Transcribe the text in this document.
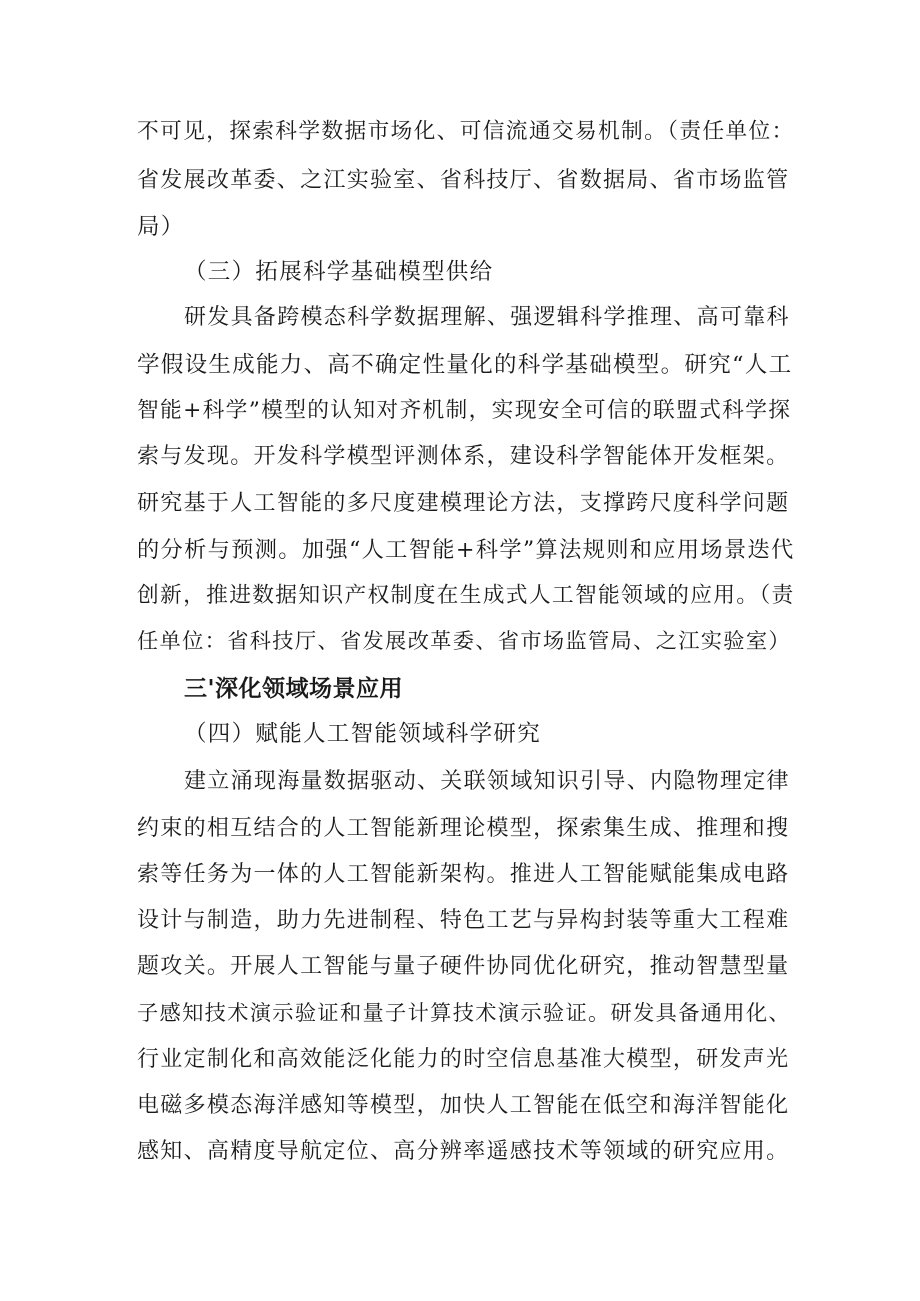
不可见，探索科学数据市场化、可信流通交易机制。（责任单位：

省发展改革委、之江实验室、省科技厅、省数据局、省市场监管

局）

（三）拓展科学基础模型供给

研发具备跨模态科学数据理解、强逻辑科学推理、高可靠科

学假设生成能力、高不确定性量化的科学基础模型。研究“人工

智能+科学”模型的认知对齐机制，实现安全可信的联盟式科学探

索与发现。开发科学模型评测体系，建设科学智能体开发框架。

研究基于人工智能的多尺度建模理论方法，支撑跨尺度科学问题

的分析与预测。加强“人工智能+科学”算法规则和应用场景迭代

创新，推进数据知识产权制度在生成式人工智能领域的应用。（责

任单位：省科技厅、省发展改革委、省市场监管局、之江实验室）

三'深化领域场景应用

（四）赋能人工智能领域科学研究

建立涌现海量数据驱动、关联领域知识引导、内隐物理定律

约束的相互结合的人工智能新理论模型，探索集生成、推理和搜

索等任务为一体的人工智能新架构。推进人工智能赋能集成电路

设计与制造，助力先进制程、特色工艺与异构封装等重大工程难

题攻关。开展人工智能与量子硬件协同优化研究，推动智慧型量

子感知技术演示验证和量子计算技术演示验证。研发具备通用化、

行业定制化和高效能泛化能力的时空信息基准大模型，研发声光

电磁多模态海洋感知等模型，加快人工智能在低空和海洋智能化

感知、高精度导航定位、高分辨率遥感技术等领域的研究应用。
